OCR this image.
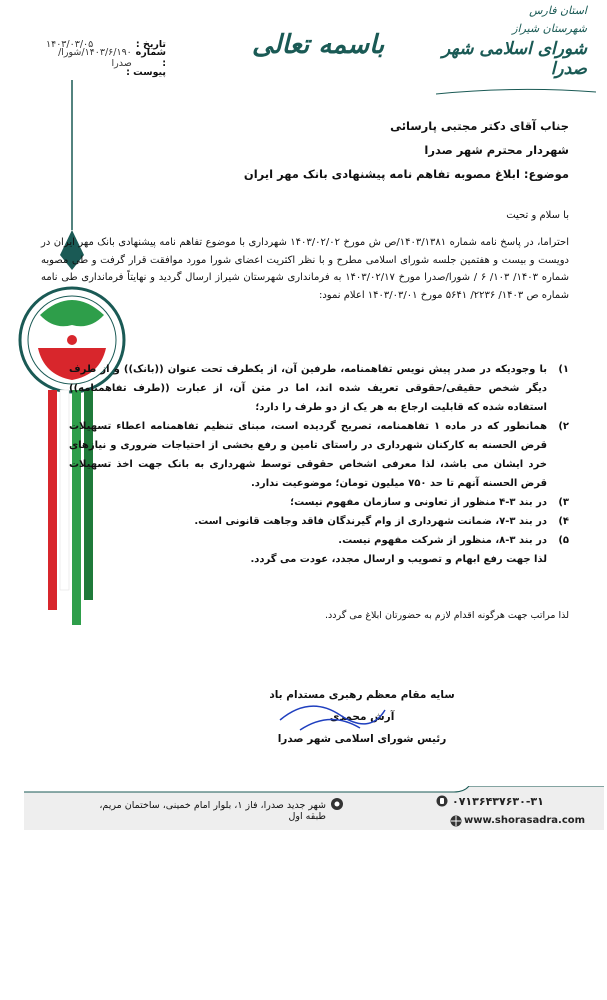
استان فارس
شهرستان شیراز
شورای اسلامی شهر صدرا
باسمه تعالی
تاریخ :
۱۴۰۳/۰۳/۰۵
شماره :
۱۴۰۳/۶/۱۹۰/شورا/صدرا
پیوست :
جناب آقای دکتر مجتبی پارسائی
شهردار محترم شهر صدرا
موضوع: ابلاغ مصوبه تفاهم نامه پیشنهادی بانک مهر ایران
با سلام و تحیت
احتراما، در پاسخ نامه شماره ۱۴۰۳/۱۳۸۱/ص ش مورخ ۱۴۰۳/۰۲/۰۲ شهرداری با موضوع تفاهم نامه پیشنهادی بانک مهر ایران در دویست و بیست و هفتمین جلسه شورای اسلامی مطرح و با نظر اکثریت اعضای شورا مورد موافقت قرار گرفت و طی مصوبه شماره ۱۴۰۳/ ۱۰۳/ ۶ / شورا/صدرا مورخ ۱۴۰۳/۰۲/۱۷ به فرمانداری شهرستان شیراز ارسال گردید و نهایتاً فرمانداری طی نامه شماره ص ۱۴۰۳/ ۲۲۳۶/ ۵۶۴۱ مورخ ۱۴۰۳/۰۳/۰۱ اعلام نمود:
۱)
با وجودیکه در صدر پیش نویس تفاهمنامه، طرفین آن، از یکطرف تحت عنوان ((بانک)) و از طرف دیگر شخص حقیقی/حقوقی تعریف شده اند، اما در متن آن، از عبارت ((طرف تفاهمنامه)) استفاده شده که قابلیت ارجاع به هر یک از دو طرف را دارد؛
۲)
همانطور که در ماده ۱ تفاهمنامه، تصریح گردیده است، مبنای تنظیم تفاهمنامه اعطاء تسهیلات قرض الحسنه به کارکنان شهرداری در راستای تامین و رفع بخشی از احتیاجات ضروری و نیازهای خرد ایشان می باشد، لذا معرفی اشخاص حقوقی توسط شهرداری به بانک جهت اخذ تسهیلات قرض الحسنه آنهم تا حد ۷۵۰ میلیون تومان؛ موضوعیت ندارد.
۳)
در بند ۳-۴ منظور از تعاونی و سازمان مفهوم نیست؛
۴)
در بند ۳-۷، ضمانت شهرداری از وام گیرندگان فاقد وجاهت قانونی است.
۵)
در بند ۳-۸، منظور از شرکت مفهوم نیست.
لذا جهت رفع ابهام و تصویب و ارسال مجدد، عودت می گردد.
لذا مراتب جهت هرگونه اقدام لازم به حضورتان ابلاغ می گردد.
سایه مقام معظم رهبری مستدام باد
آرش محمدی
رئیس شورای اسلامی شهر صدرا
شهر جدید صدرا، فاز ۱، بلوار امام خمینی، ساختمان مریم، طبقه اول
۰۷۱۳۶۴۳۷۶۳۰-۳۱
www.shorasadra.com
